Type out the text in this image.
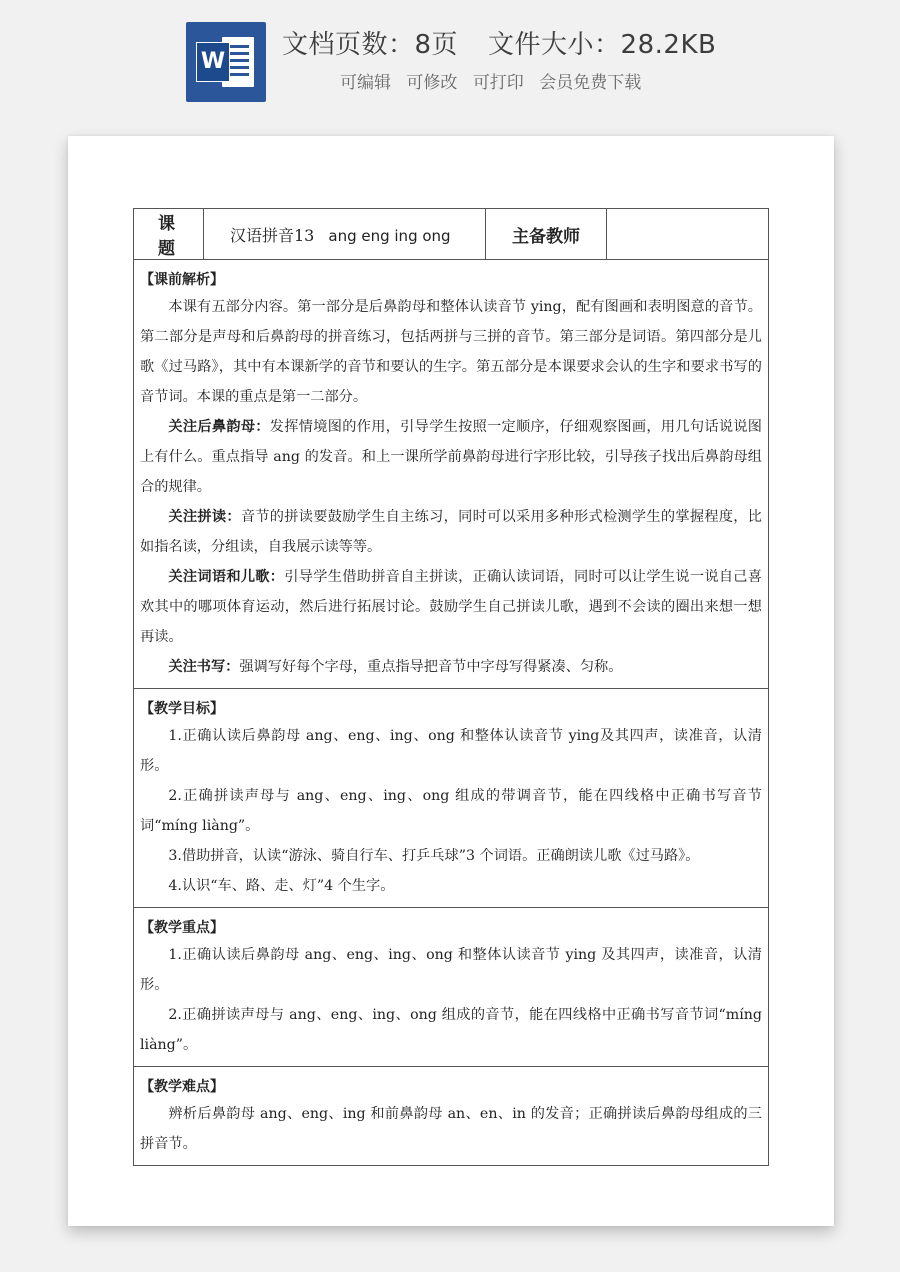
W
文档页数：8页 文件大小：28.2KB
可编辑 可修改 可打印 会员免费下载
课 题	汉语拼音13 ang eng ing ong	主备教师	

【课前解析】

本课有五部分内容。第一部分是后鼻韵母和整体认读音节 ying，配有图画和表明图意的音节。第二部分是声母和后鼻韵母的拼音练习，包括两拼与三拼的音节。第三部分是词语。第四部分是儿歌《过马路》，其中有本课新学的音节和要认的生字。第五部分是本课要求会认的生字和要求书写的音节词。本课的重点是第一二部分。

关注后鼻韵母：发挥情境图的作用，引导学生按照一定顺序，仔细观察图画，用几句话说说图上有什么。重点指导 ang 的发音。和上一课所学前鼻韵母进行字形比较，引导孩子找出后鼻韵母组合的规律。

关注拼读：音节的拼读要鼓励学生自主练习，同时可以采用多种形式检测学生的掌握程度，比如指名读，分组读，自我展示读等等。

关注词语和儿歌：引导学生借助拼音自主拼读，正确认读词语，同时可以让学生说一说自己喜欢其中的哪项体育运动，然后进行拓展讨论。鼓励学生自己拼读儿歌，遇到不会读的圈出来想一想再读。

关注书写：强调写好每个字母，重点指导把音节中字母写得紧凑、匀称。

【教学目标】

1.正确认读后鼻韵母 ang、eng、ing、ong 和整体认读音节 ying及其四声，读准音，认清形。

2.正确拼读声母与 ang、eng、ing、ong 组成的带调音节，能在四线格中正确书写音节词“míng liàng”。

3.借助拼音，认读“游泳、骑自行车、打乒乓球”3 个词语。正确朗读儿歌《过马路》。

4.认识“车、路、走、灯”4 个生字。

【教学重点】

1.正确认读后鼻韵母 ang、eng、ing、ong 和整体认读音节 ying 及其四声，读准音，认清形。

2.正确拼读声母与 ang、eng、ing、ong 组成的音节，能在四线格中正确书写音节词“míng liàng”。

【教学难点】

辨析后鼻韵母 ang、eng、ing 和前鼻韵母 an、en、in 的发音；正确拼读后鼻韵母组成的三拼音节。
